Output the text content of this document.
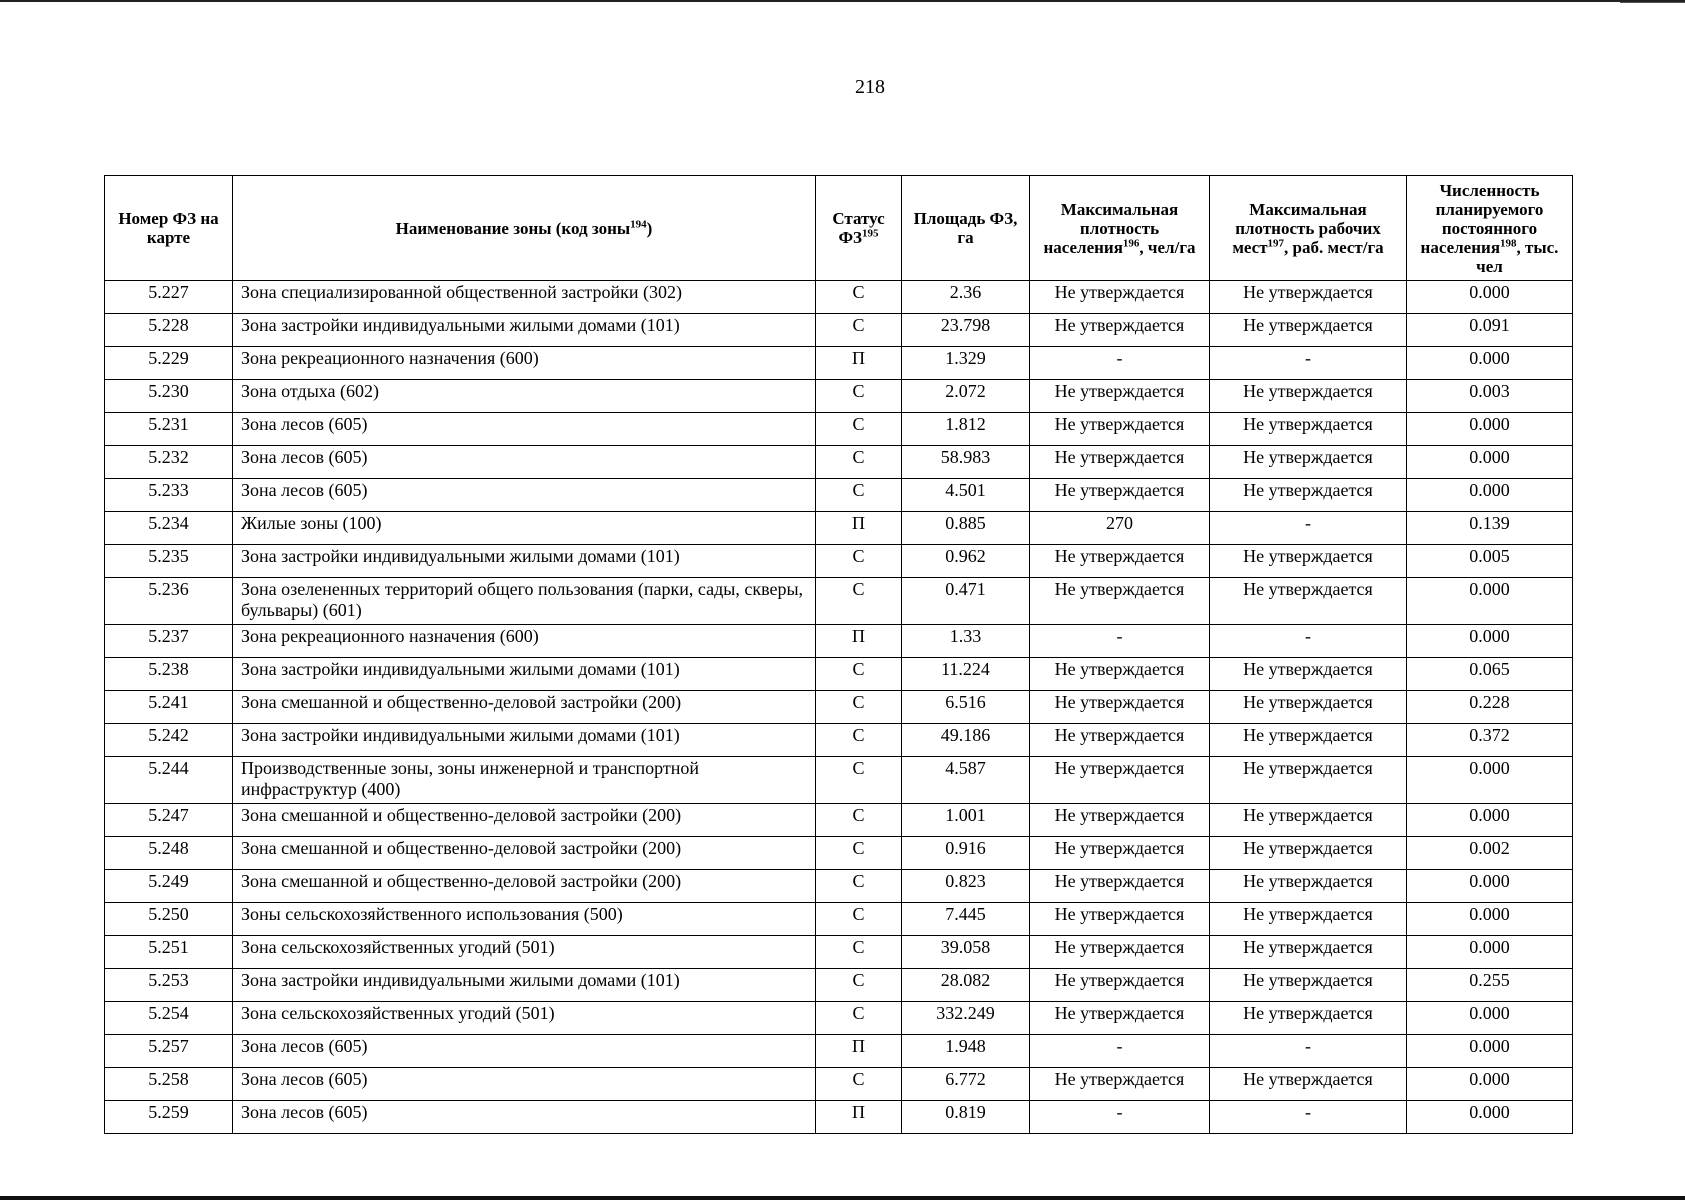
218
Номер ФЗ на карте	Наименование зоны (код зоны$^{194}$)	Статус ФЗ$^{195}$	Площадь ФЗ, га	Максимальная плотность населения$^{196}$, чел/га	Максимальная плотность рабочих мест$^{197}$, раб. мест/га	Численность планируемого постоянного населения$^{198}$, тыс. чел
5.227	Зона специализированной общественной застройки (302)	С	2.36	Не утверждается	Не утверждается	0.000
5.228	Зона застройки индивидуальными жилыми домами (101)	С	23.798	Не утверждается	Не утверждается	0.091
5.229	Зона рекреационного назначения (600)	П	1.329	-	-	0.000
5.230	Зона отдыха (602)	С	2.072	Не утверждается	Не утверждается	0.003
5.231	Зона лесов (605)	С	1.812	Не утверждается	Не утверждается	0.000
5.232	Зона лесов (605)	С	58.983	Не утверждается	Не утверждается	0.000
5.233	Зона лесов (605)	С	4.501	Не утверждается	Не утверждается	0.000
5.234	Жилые зоны (100)	П	0.885	270	-	0.139
5.235	Зона застройки индивидуальными жилыми домами (101)	С	0.962	Не утверждается	Не утверждается	0.005
5.236	Зона озелененных территорий общего пользования (парки, сады, скверы, бульвары) (601)	С	0.471	Не утверждается	Не утверждается	0.000
5.237	Зона рекреационного назначения (600)	П	1.33	-	-	0.000
5.238	Зона застройки индивидуальными жилыми домами (101)	С	11.224	Не утверждается	Не утверждается	0.065
5.241	Зона смешанной и общественно-деловой застройки (200)	С	6.516	Не утверждается	Не утверждается	0.228
5.242	Зона застройки индивидуальными жилыми домами (101)	С	49.186	Не утверждается	Не утверждается	0.372
5.244	Производственные зоны, зоны инженерной и транспортной инфраструктур (400)	С	4.587	Не утверждается	Не утверждается	0.000
5.247	Зона смешанной и общественно-деловой застройки (200)	С	1.001	Не утверждается	Не утверждается	0.000
5.248	Зона смешанной и общественно-деловой застройки (200)	С	0.916	Не утверждается	Не утверждается	0.002
5.249	Зона смешанной и общественно-деловой застройки (200)	С	0.823	Не утверждается	Не утверждается	0.000
5.250	Зоны сельскохозяйственного использования (500)	С	7.445	Не утверждается	Не утверждается	0.000
5.251	Зона сельскохозяйственных угодий (501)	С	39.058	Не утверждается	Не утверждается	0.000
5.253	Зона застройки индивидуальными жилыми домами (101)	С	28.082	Не утверждается	Не утверждается	0.255
5.254	Зона сельскохозяйственных угодий (501)	С	332.249	Не утверждается	Не утверждается	0.000
5.257	Зона лесов (605)	П	1.948	-	-	0.000
5.258	Зона лесов (605)	С	6.772	Не утверждается	Не утверждается	0.000
5.259	Зона лесов (605)	П	0.819	-	-	0.000
